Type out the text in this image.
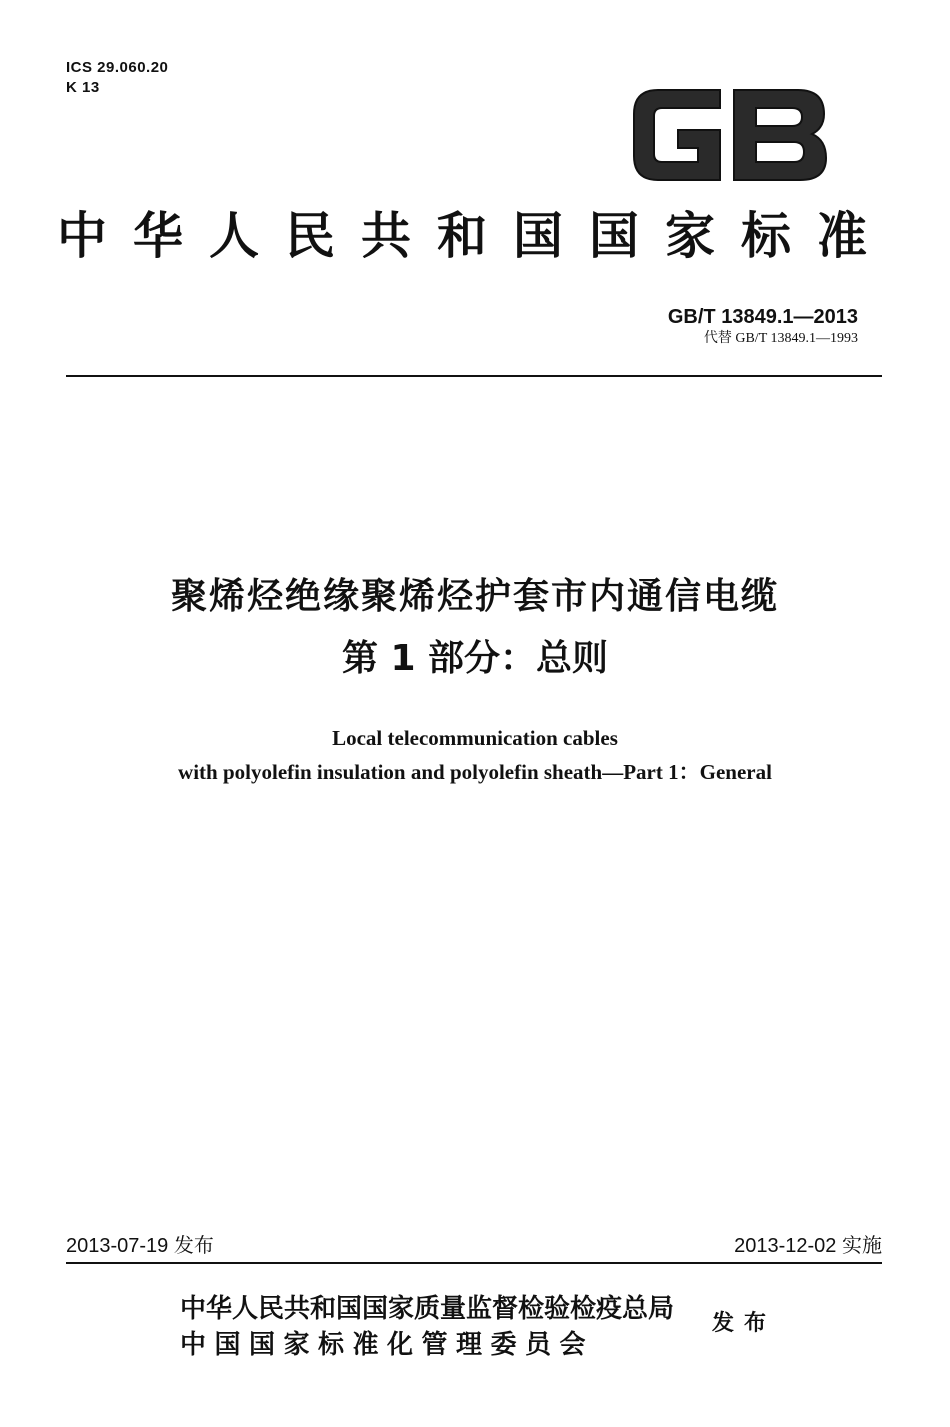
ICS 29.060.20
K 13
GB
中华人民共和国国家标准
GB/T 13849.1—2013
代替 GB/T 13849.1—1993
聚烯烃绝缘聚烯烃护套市内通信电缆
第 1 部分：总则
Local telecommunication cables
with polyolefin insulation and polyolefin sheath—Part 1：General
2013-07-19 发布	2013-12-02 实施
中华人民共和国国家质量监督检验检疫总局
中国国家标准化管理委员会
发布
